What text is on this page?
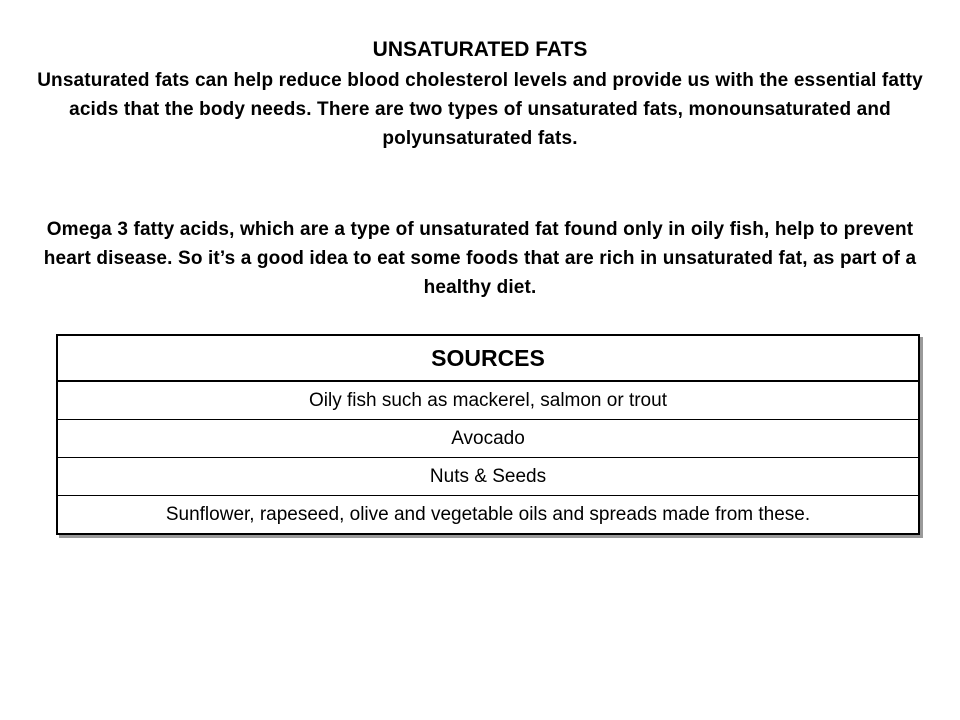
UNSATURATED FATS
Unsaturated fats can help reduce blood cholesterol levels and provide us with the essential fatty acids that the body needs. There are two types of unsaturated fats, monounsaturated and polyunsaturated fats.
Omega 3 fatty acids, which are a type of unsaturated fat found only in oily fish, help to prevent heart disease. So it’s a good idea to eat some foods that are rich in unsaturated fat, as part of a healthy diet.
SOURCES
Oily fish such as mackerel, salmon or trout
Avocado
Nuts & Seeds
Sunflower, rapeseed, olive and vegetable oils and spreads made from these.
